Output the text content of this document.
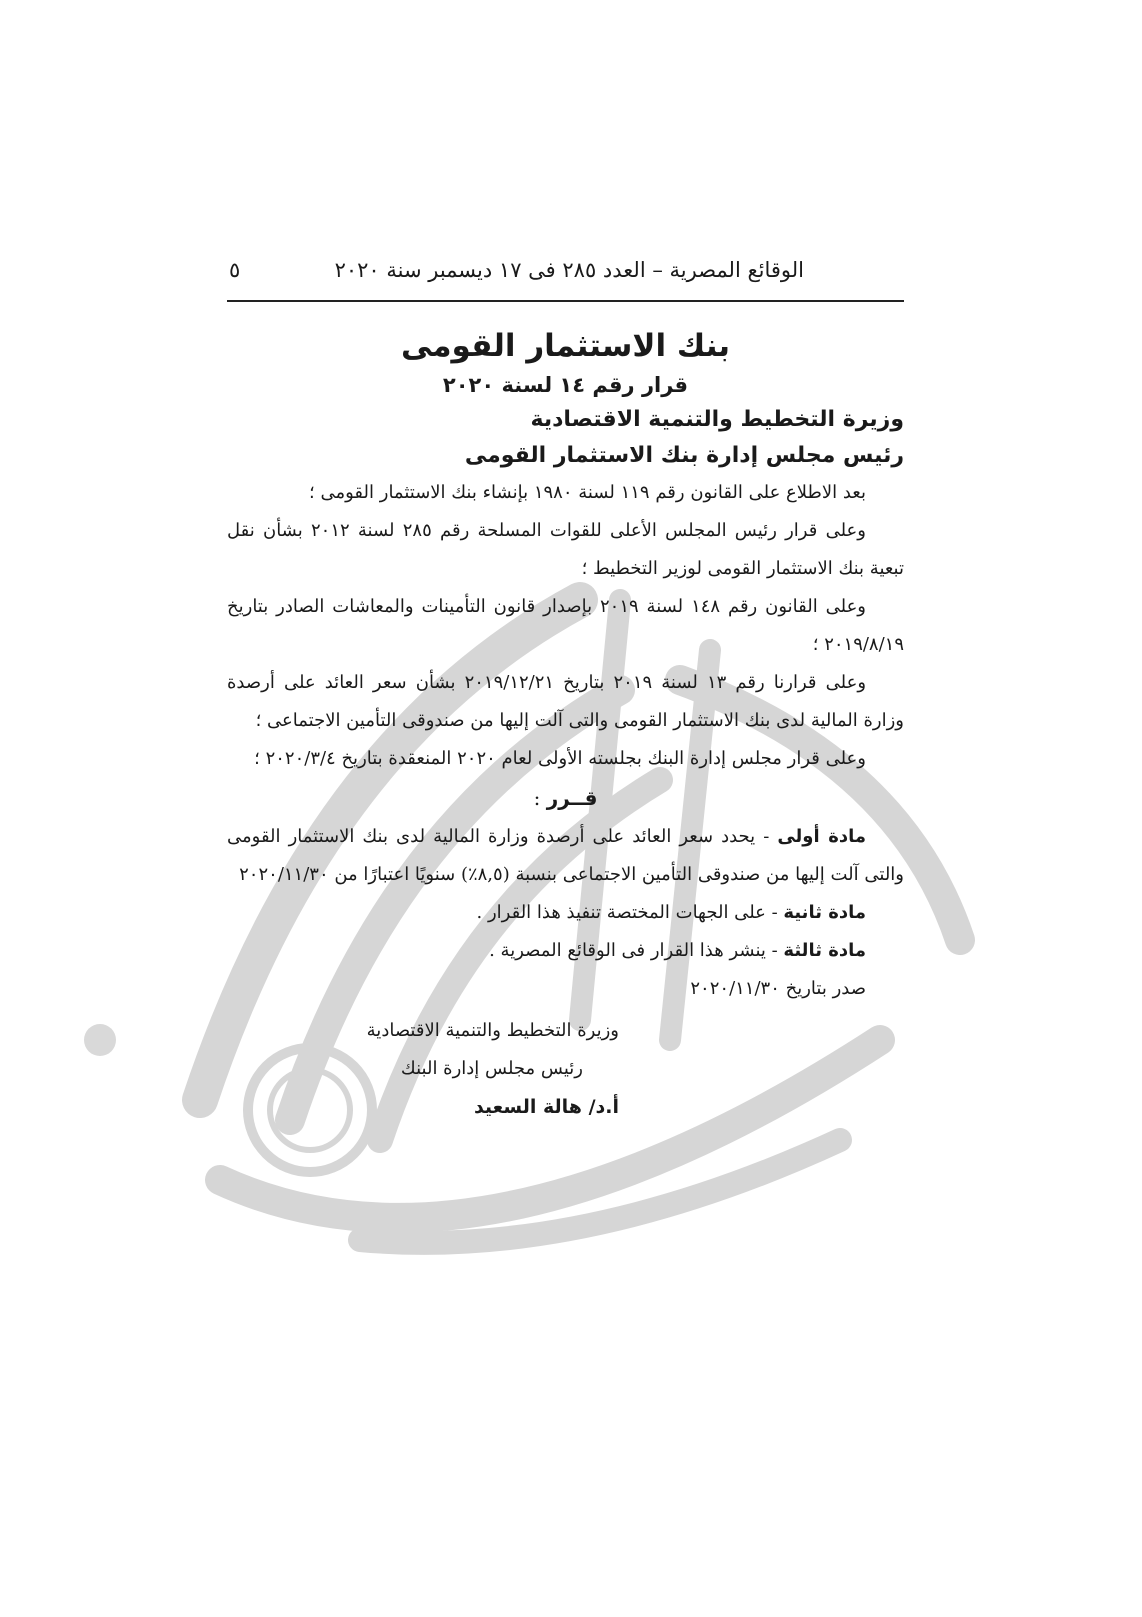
الوقائع المصرية – العدد ٢٨٥ فى ١٧ ديسمبر سنة ٢٠٢٠
٥
بنك الاستثمار القومى
قرار رقم ١٤ لسنة ٢٠٢٠
وزيرة التخطيط والتنمية الاقتصادية
رئيس مجلس إدارة بنك الاستثمار القومى

بعد الاطلاع على القانون رقم ١١٩ لسنة ١٩٨٠ بإنشاء بنك الاستثمار القومى ؛

وعلى قرار رئيس المجلس الأعلى للقوات المسلحة رقم ٢٨٥ لسنة ٢٠١٢ بشأن نقل تبعية بنك الاستثمار القومى لوزير التخطيط ؛

وعلى القانون رقم ١٤٨ لسنة ٢٠١٩ بإصدار قانون التأمينات والمعاشات الصادر بتاريخ ٢٠١٩/٨/١٩ ؛

وعلى قرارنا رقم ١٣ لسنة ٢٠١٩ بتاريخ ٢٠١٩/١٢/٢١ بشأن سعر العائد على أرصدة وزارة المالية لدى بنك الاستثمار القومى والتى آلت إليها من صندوقى التأمين الاجتماعى ؛

وعلى قرار مجلس إدارة البنك بجلسته الأولى لعام ٢٠٢٠ المنعقدة بتاريخ ٢٠٢٠/٣/٤ ؛

قــرر :

مادة أولى - يحدد سعر العائد على أرصدة وزارة المالية لدى بنك الاستثمار القومى والتى آلت إليها من صندوقى التأمين الاجتماعى بنسبة (٨,٥٪) سنويًا اعتبارًا من ٢٠٢٠/١١/٣٠

مادة ثانية - على الجهات المختصة تنفيذ هذا القرار .

مادة ثالثة - ينشر هذا القرار فى الوقائع المصرية .

صدر بتاريخ ٢٠٢٠/١١/٣٠

وزيرة التخطيط والتنمية الاقتصادية
رئيس مجلس إدارة البنك
أ.د/ هالة السعيد
